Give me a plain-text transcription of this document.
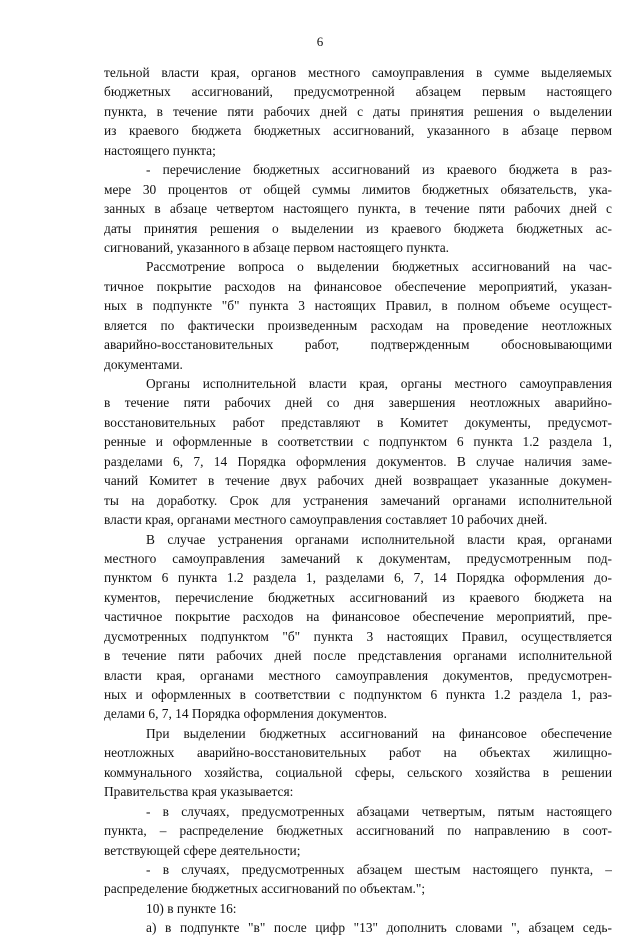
6
тельной власти края, органов местного самоуправления в сумме выделяемых
бюджетных ассигнований, предусмотренной абзацем первым настоящего
пункта, в течение пяти рабочих дней с даты принятия решения о выделении
из краевого бюджета бюджетных ассигнований, указанного в абзаце первом
настоящего пункта;
- перечисление бюджетных ассигнований из краевого бюджета в раз-
мере 30 процентов от общей суммы лимитов бюджетных обязательств, ука-
занных в абзаце четвертом настоящего пункта, в течение пяти рабочих дней с
даты принятия решения о выделении из краевого бюджета бюджетных ас-
сигнований, указанного в абзаце первом настоящего пункта.
Рассмотрение вопроса о выделении бюджетных ассигнований на час-
тичное покрытие расходов на финансовое обеспечение мероприятий, указан-
ных в подпункте "б" пункта 3 настоящих Правил, в полном объеме осущест-
вляется по фактически произведенным расходам на проведение неотложных
аварийно-восстановительных работ, подтвержденным обосновывающими
документами.
Органы исполнительной власти края, органы местного самоуправления
в течение пяти рабочих дней со дня завершения неотложных аварийно-
восстановительных работ представляют в Комитет документы, предусмот-
ренные и оформленные в соответствии с подпунктом 6 пункта 1.2 раздела 1,
разделами 6, 7, 14 Порядка оформления документов. В случае наличия заме-
чаний Комитет в течение двух рабочих дней возвращает указанные докумен-
ты на доработку. Срок для устранения замечаний органами исполнительной
власти края, органами местного самоуправления составляет 10 рабочих дней.
В случае устранения органами исполнительной власти края, органами
местного самоуправления замечаний к документам, предусмотренным под-
пунктом 6 пункта 1.2 раздела 1, разделами 6, 7, 14 Порядка оформления до-
кументов, перечисление бюджетных ассигнований из краевого бюджета на
частичное покрытие расходов на финансовое обеспечение мероприятий, пре-
дусмотренных подпунктом "б" пункта 3 настоящих Правил, осуществляется
в течение пяти рабочих дней после представления органами исполнительной
власти края, органами местного самоуправления документов, предусмотрен-
ных и оформленных в соответствии с подпунктом 6 пункта 1.2 раздела 1, раз-
делами 6, 7, 14 Порядка оформления документов.
При выделении бюджетных ассигнований на финансовое обеспечение
неотложных аварийно-восстановительных работ на объектах жилищно-
коммунального хозяйства, социальной сферы, сельского хозяйства в решении
Правительства края указывается:
- в случаях, предусмотренных абзацами четвертым, пятым настоящего
пункта, – распределение бюджетных ассигнований по направлению в соот-
ветствующей сфере деятельности;
- в случаях, предусмотренных абзацем шестым настоящего пункта, –
распределение бюджетных ассигнований по объектам.";
10) в пункте 16:
а) в подпункте "в" после цифр "13" дополнить словами ", абзацем седь-
